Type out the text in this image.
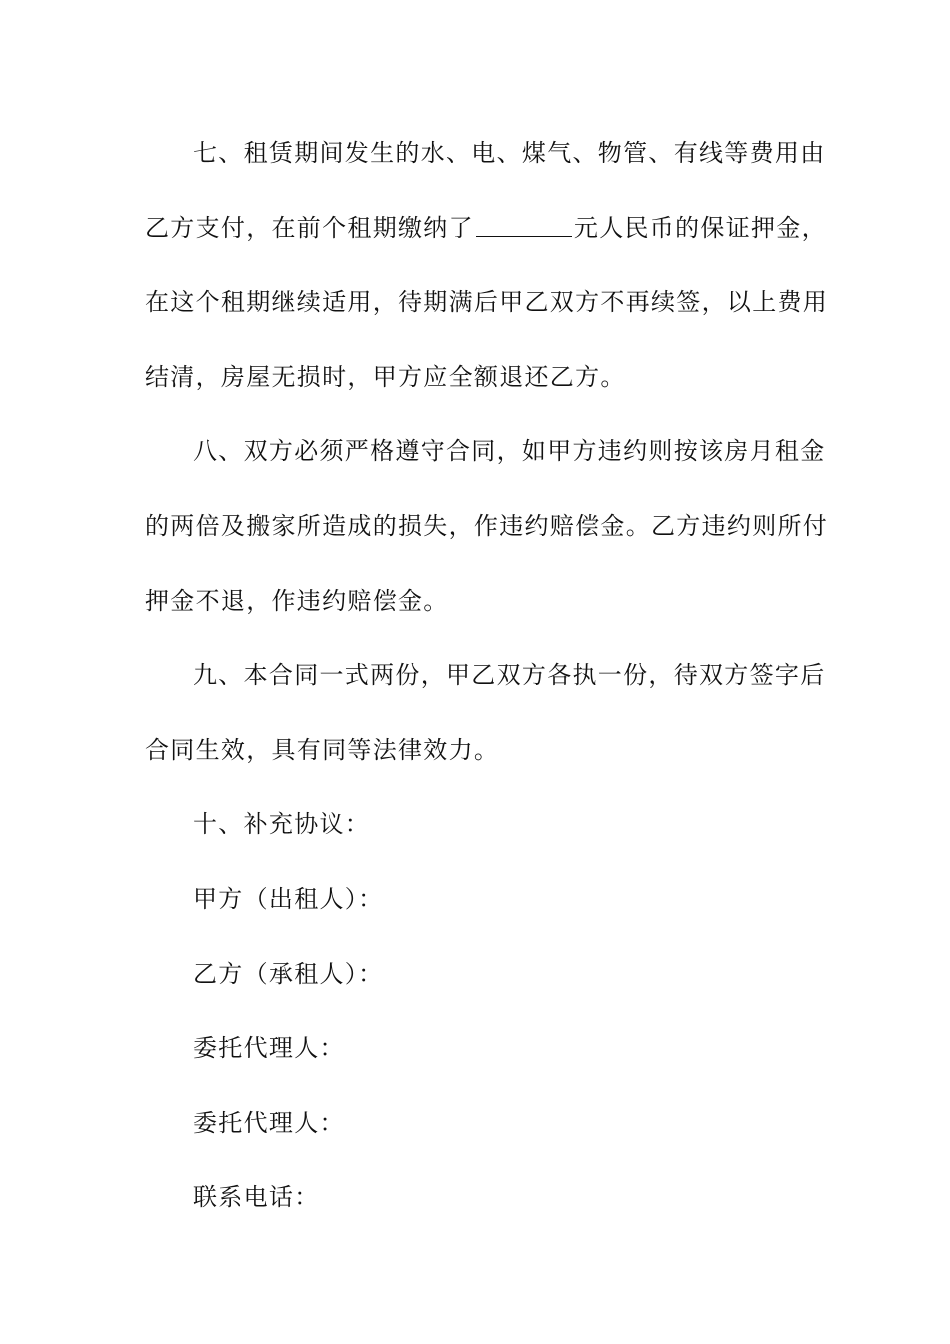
七、租赁期间发生的水、电、煤气、物管、有线等费用由
乙方支付，在前个租期缴纳了	元人民币的保证押金，
在这个租期继续适用，待期满后甲乙双方不再续签，以上费用
结清，房屋无损时，甲方应全额退还乙方。
八、双方必须严格遵守合同，如甲方违约则按该房月租金
的两倍及搬家所造成的损失，作违约赔偿金。乙方违约则所付
押金不退，作违约赔偿金。
九、本合同一式两份，甲乙双方各执一份，待双方签字后
合同生效，具有同等法律效力。
十、补充协议：
甲方（出租人）：
乙方（承租人）：
委托代理人：
委托代理人：
联系电话：
